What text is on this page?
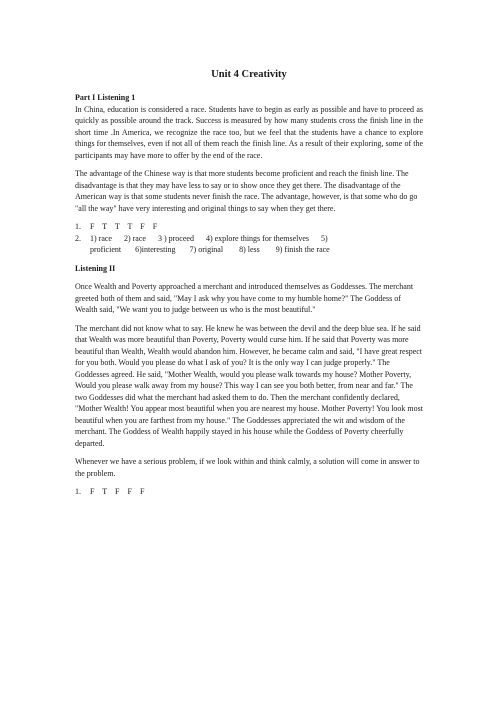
Unit 4 Creativity
Part I Listening 1

In China, education is considered a race. Students have to begin as early as possible and have to proceed as quickly as possible around the track. Success is measured by how many students cross the finish line in the short time .In America, we recognize the race too, but we feel that the students have a chance to explore things for themselves, even if not all of them reach the finish line. As a result of their exploring, some of the participants may have more to offer by the end of the race.

The advantage of the Chinese way is that more students become proficient and reach the finish line. The disadvantage is that they may have less to say or to show once they get there. The disadvantage of the American way is that some students never finish the race. The advantage, however, is that some who do go "all the way" have very interesting and original things to say when they get there.

1.	F    T    T    T    F    F
2.	1) race      2) race      3 ) proceed      4) explore things for themselves      5)
proficient       6)interesting       7) original        8) less        9) finish the race
Listening II

Once Wealth and Poverty approached a merchant and introduced themselves as Goddesses. The merchant greeted both of them and said, "May I ask why you have come to my humble home?" The Goddess of Wealth said, "We want you to judge between us who is the most beautiful."

The merchant did not know what to say. He knew he was between the devil and the deep blue sea. If he said that Wealth was more beautiful than Poverty, Poverty would curse him. If he said that Poverty was more beautiful than Wealth, Wealth would abandon him. However, he became calm and said, "I have great respect for you both. Would you please do what I ask of you? It is the only way I can judge properly." The Goddesses agreed. He said, "Mother Wealth, would you please walk towards my house? Mother Poverty, Would you please walk away from my house? This way I can see you both better, from near and far." The two Goddesses did what the merchant had asked them to do. Then the merchant confidently declared, "Mother Wealth! You appear most beautiful when you are nearest my house. Mother Poverty! You look most beautiful when you are farthest from my house." The Goddesses appreciated the wit and wisdom of the merchant. The Goddess of Wealth happily stayed in his house while the Goddess of Poverty cheerfully departed.

Whenever we have a serious problem, if we look within and think calmly, a solution will come in answer to the problem.

1.	F    T    F    F    F
